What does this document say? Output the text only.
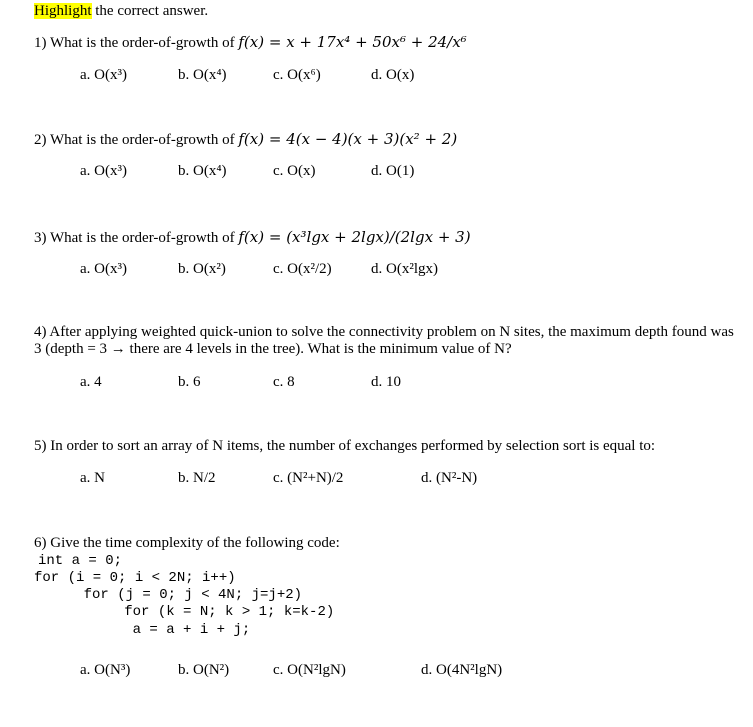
Highlight the correct answer.
1) What is the order-of-growth of f(x) = x + 17x⁴ + 50x⁶ + 24/x⁶
a. O(x³)	b. O(x⁴)	c. O(x⁶)	d. O(x)
2) What is the order-of-growth of f(x) = 4(x − 4)(x + 3)(x² + 2)
a. O(x³)	b. O(x⁴)	c. O(x)	d. O(1)
3) What is the order-of-growth of f(x) = (x³lgx + 2lgx)/(2lgx + 3)
a. O(x³)	b. O(x²)	c. O(x²/2)	d. O(x²lgx)
4) After applying weighted quick-union to solve the connectivity problem on N sites, the maximum depth found was 3 (depth = 3 → there are 4 levels in the tree). What is the minimum value of N?
a. 4	b. 6	c. 8	d. 10
5) In order to sort an array of N items, the number of exchanges performed by selection sort is equal to:
a. N	b. N/2	c. (N²+N)/2	d. (N²-N)
6) Give the time complexity of the following code:
int a = 0;
for (i = 0; i < 2N; i++)
for (j = 0; j < 4N; j=j+2)
for (k = N; k > 1; k=k-2)
a = a + i + j;
a. O(N³)	b. O(N²)	c. O(N²lgN)	d. O(4N²lgN)
